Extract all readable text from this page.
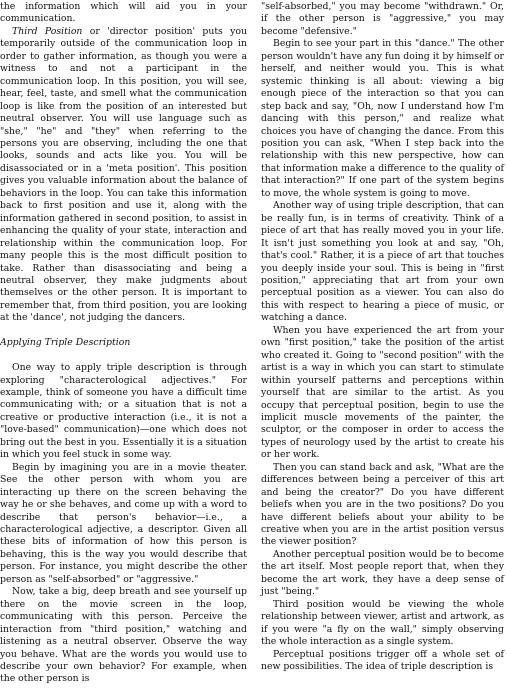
the information which will aid you in your communication.

Third Position or 'director position' puts you temporarily outside of the communication loop in order to gather information, as though you were a witness to and not a participant in the communication loop. In this position, you will see, hear, feel, taste, and smell what the communication loop is like from the position of an interested but neutral observer. You will use language such as "she," "he" and "they" when referring to the persons you are observing, including the one that looks, sounds and acts like you. You will be disassociated or in a 'meta position'. This position gives you valuable information about the balance of behaviors in the loop. You can take this information back to first position and use it, along with the information gathered in second position, to assist in enhancing the quality of your state, interaction and relationship within the communication loop. For many people this is the most difficult position to take. Rather than disassociating and being a neutral observer, they make judgments about themselves or the other person. It is important to remember that, from third position, you are looking at the 'dance', not judging the dancers.

Applying Triple Description

One way to apply triple description is through exploring "characterological adjectives." For example, think of someone you have a difficult time communicating with; or a situation that is not a creative or productive interaction (i.e., it is not a "love-based" communication)—one which does not bring out the best in you. Essentially it is a situation in which you feel stuck in some way.

Begin by imagining you are in a movie theater. See the other person with whom you are interacting up there on the screen behaving the way he or she behaves, and come up with a word to describe that person's behavior—i.e., a characterological adjective, a descriptor. Given all these bits of information of how this person is behaving, this is the way you would describe that person. For instance, you might describe the other person as "self-absorbed" or "aggressive."

Now, take a big, deep breath and see yourself up there on the movie screen in the loop, communicating with this person. Perceive the interaction from "third position," watching and listening as a neutral observer. Observe the way you behave. What are the words you would use to describe your own behavior? For example, when the other person is

"self-absorbed," you may become "withdrawn." Or, if the other person is "aggressive," you may become "defensive."

Begin to see your part in this "dance." The other person wouldn't have any fun doing it by himself or herself, and neither would you. This is what systemic thinking is all about: viewing a big enough piece of the interaction so that you can step back and say, "Oh, now I understand how I'm dancing with this person," and realize what choices you have of changing the dance. From this position you can ask, "When I step back into the relationship with this new perspective, how can that information make a difference to the quality of that interaction?" If one part of the system begins to move, the whole system is going to move.

Another way of using triple description, that can be really fun, is in terms of creativity. Think of a piece of art that has really moved you in your life. It isn't just something you look at and say, "Oh, that's cool." Rather, it is a piece of art that touches you deeply inside your soul. This is being in "first position," appreciating that art from your own perceptual position as a viewer. You can also do this with respect to hearing a piece of music, or watching a dance.

When you have experienced the art from your own "first position," take the position of the artist who created it. Going to "second position" with the artist is a way in which you can start to stimulate within yourself patterns and perceptions within yourself that are similar to the artist. As you occupy that perceptual position, begin to use the implicit muscle movements of the painter, the sculptor, or the composer in order to access the types of neurology used by the artist to create his or her work.

Then you can stand back and ask, "What are the differences between being a perceiver of this art and being the creator?" Do you have different beliefs when you are in the two positions? Do you have different beliefs about your ability to be creative when you are in the artist position versus the viewer position?

Another perceptual position would be to become the art itself. Most people report that, when they become the art work, they have a deep sense of just "being."

Third position would be viewing the whole relationship between viewer, artist and artwork, as if you were "a fly on the wall," simply observing the whole interaction as a single system.

Perceptual positions trigger off a whole set of new possibilities. The idea of triple description is
